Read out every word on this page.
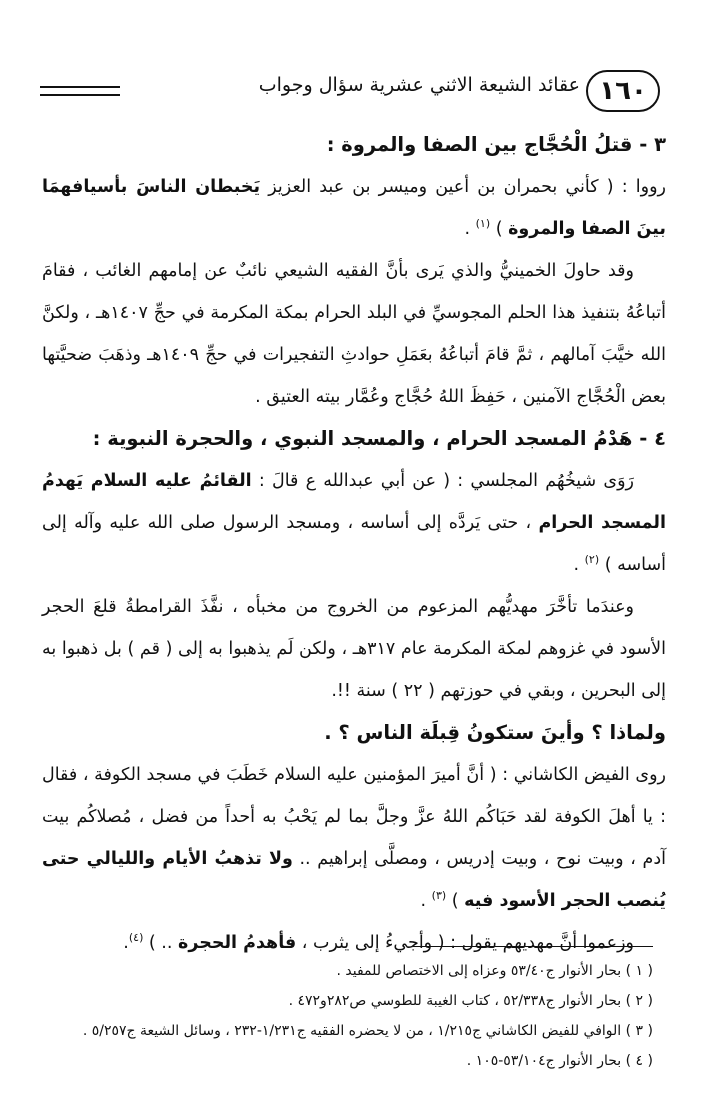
١٦٠
عقائد الشيعة الاثني عشرية سؤال وجواب

٣ - قتلُ الْحُجَّاج بين الصفا والمروة :

رووا : ( كأني بحمران بن أعين وميسر بن عبد العزيز يَخبطان الناسَ بأسيافهمَا بينَ الصفا والمروة ) $^{(١)}$ .

وقد حاولَ الخمينيُّ والذي يَرى بأنَّ الفقيه الشيعي نائبٌ عن إمامهم الغائب ، فقامَ أتباعُهُ بتنفيذ هذا الحلم المجوسيِّ في البلد الحرام بمكة المكرمة في حجِّ ١٤٠٧هـ ، ولكنَّ الله خيَّبَ آمالهم ، ثمَّ قامَ أتباعُهُ بعَمَلِ حوادثِ التفجيرات في حجِّ ١٤٠٩هـ وذهَبَ ضحيَّتها بعض الْحُجَّاج الآمنين ، حَفِظَ اللهُ حُجَّاج وعُمَّار بيته العتيق .

٤ - هَدْمُ المسجد الحرام ، والمسجد النبوي ، والحجرة النبوية :

رَوَى شيخُهُم المجلسي : ( عن أبي عبدالله ع قالَ : القائمُ عليه السلام يَهدمُ المسجد الحرام ، حتى يَردَّه إلى أساسه ، ومسجد الرسول صلى الله عليه وآله إلى أساسه ) $^{(٢)}$ .

وعندَما تأخَّرَ مهديُّهم المزعوم من الخروج من مخبأه ، نفَّذَ القرامطةُ قلعَ الحجر الأسود في غزوهم لمكة المكرمة عام ٣١٧هـ ، ولكن لَم يذهبوا به إلى ( قم ) بل ذهبوا به إلى البحرين ، وبقي في حوزتهم ( ٢٢ ) سنة !!.

ولماذا ؟ وأينَ ستكونُ قِبلَة الناس ؟ .

روى الفيض الكاشاني : ( أنَّ أميرَ المؤمنين عليه السلام خَطَبَ في مسجد الكوفة ، فقال : يا أهلَ الكوفة لقد حَبَاكُم اللهُ عزَّ وجلَّ بما لم يَحْبُ به أحداً من فضل ، مُصلاكُم بيت آدم ، وبيت نوح ، وبيت إدريس ، ومصلَّى إبراهيم .. ولا تذهبُ الأيام والليالي حتى يُنصب الحجر الأسود فيه ) $^{(٣)}$ .

وزعموا أنَّ مهديهم يقول : ( وأجيءُ إلى يثرب ، فأهدمُ الحجرة .. ) $^{(٤)}$.

( ١ ) بحار الأنوار ج٥٣/٤٠ وعزاه إلى الاختصاص للمفيد .

( ٢ ) بحار الأنوار ج٥٢/٣٣٨ ، كتاب الغيبة للطوسي ص٢٨٢و٤٧٢ .

( ٣ ) الوافي للفيض الكاشاني ج١/٢١٥ ، من لا يحضره الفقيه ج١/٢٣١-٢٣٢ ، وسائل الشيعة ج٥/٢٥٧ .

( ٤ ) بحار الأنوار ج٥٣/١٠٤-١٠٥ .
